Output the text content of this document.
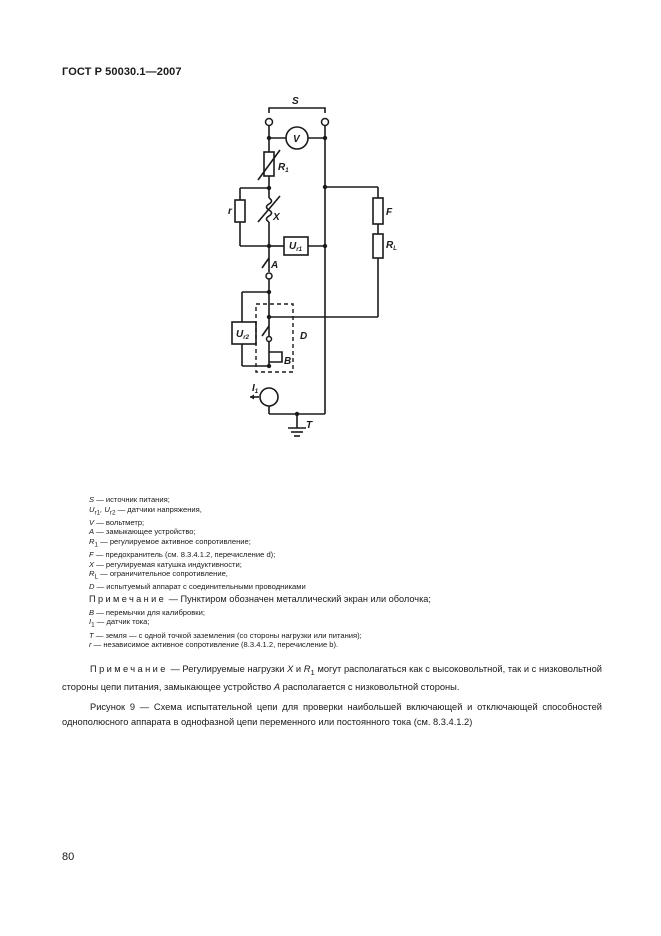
ГОСТ Р 50030.1—2007
S
V
$R_1$
r
X	F
$R_L$
$U_{r1}$
A
$U_{r2}$	D
B
$I_1$
T
S — источник питания;
$U_{r1}$, $U_{r2}$ — датчики напряжения,
V — вольтметр;
A — замыкающее устройство;
$R_1$ — регулируемое активное сопротивление;
F — предохранитель (см. 8.3.4.1.2, перечисление d);
X — регулируемая катушка индуктивности;
$R_L$ — ограничительное сопротивление,
D — испытуемый аппарат с соединительными проводниками
Примечание — Пунктиром обозначен металлический экран или оболочка;
B — перемычки для калибровки;
$I_1$ — датчик тока;
T — земля — с одной точкой заземления (со стороны нагрузки или питания);
r — независимое активное сопротивление (8.3.4.1.2, перечисление b).
Примечание — Регулируемые нагрузки X и $R_1$ могут располагаться как с высоковольтной, так и с низковольтной стороны цепи питания, замыкающее устройство A располагается с низковольтной стороны.
Рисунок 9 — Схема испытательной цепи для проверки наибольшей включающей и отключающей способностей однополюсного аппарата в однофазной цепи переменного или постоянного тока (см. 8.3.4.1.2)
80
